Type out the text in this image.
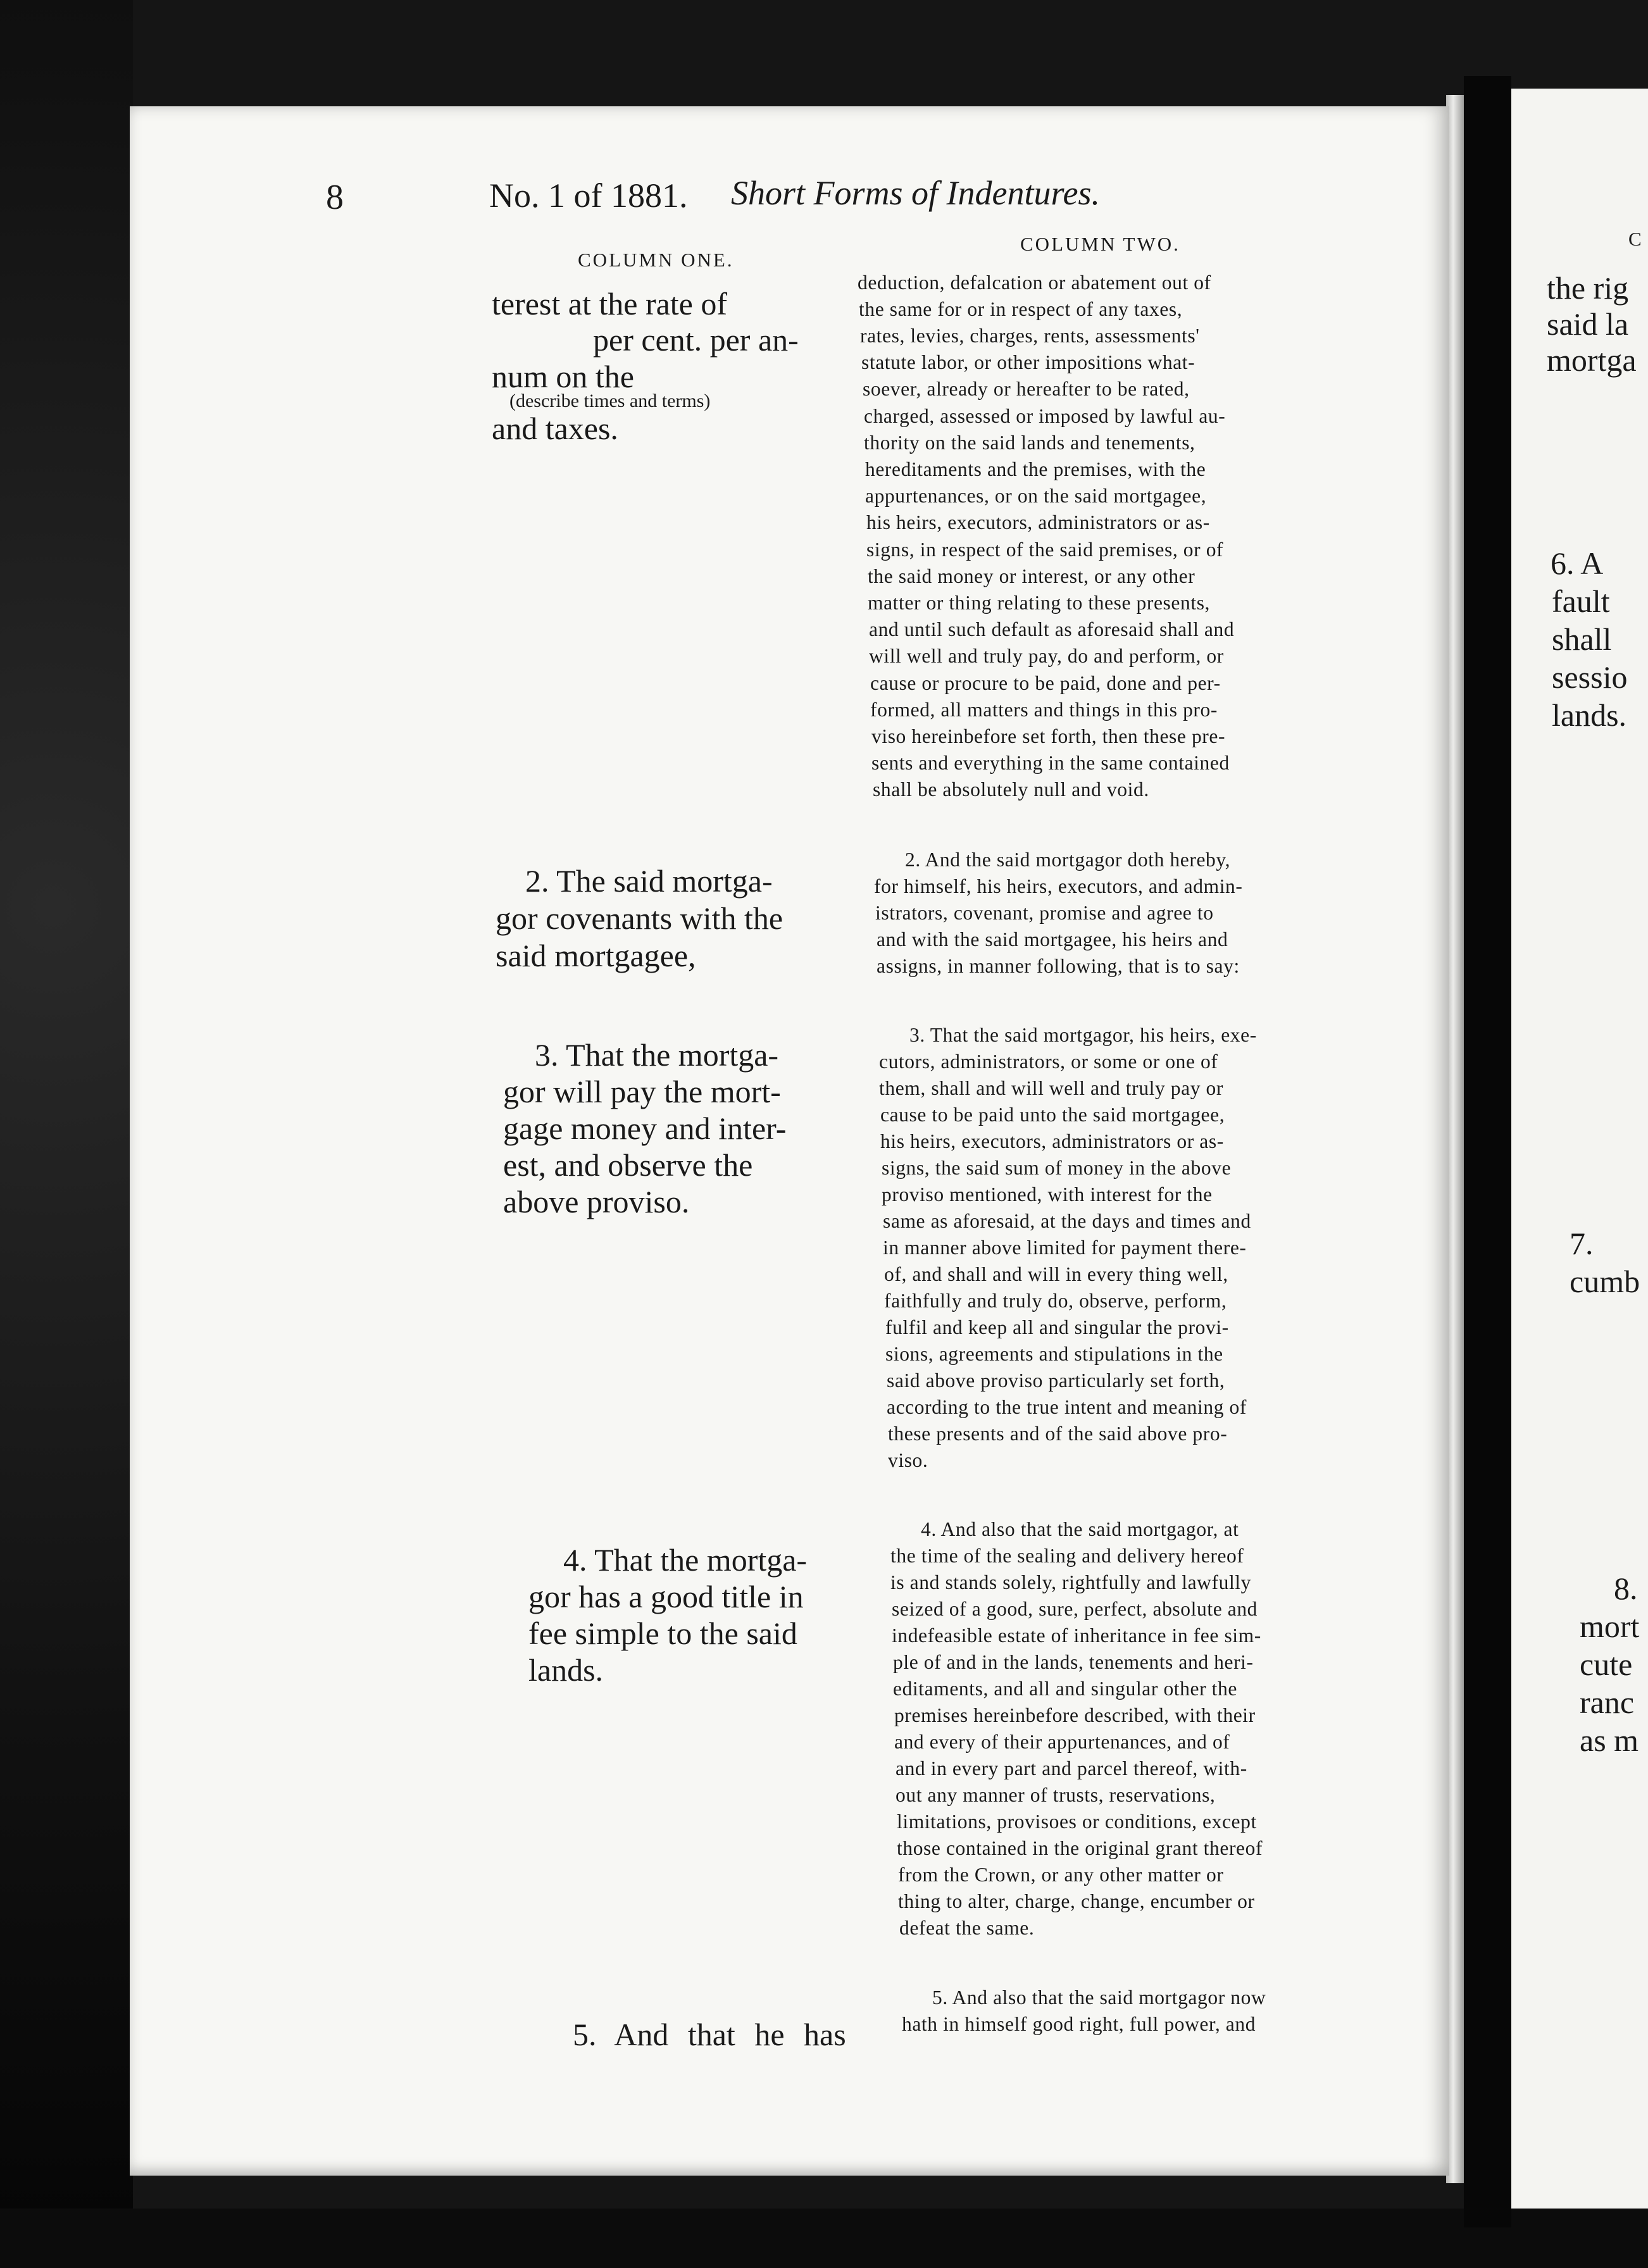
8	No. 1 of 1881. Short Forms of Indentures.

COLUMN TWO.

COLUMN ONE.

terest at the rate of

per cent. per an-

num on the

(describe times and terms)

and taxes.

2. The said mortga-

gor covenants with the

said mortgagee,

3. That the mortga-

gor will pay the mort-

gage money and inter-

est, and observe the

above proviso.

4. That the mortga-

gor has a good title in

fee simple to the said

lands.

5. And that he has

deduction, defalcation or abatement out of

the same for or in respect of any taxes,

rates, levies, charges, rents, assessments'

statute labor, or other impositions what-

soever, already or hereafter to be rated,

charged, assessed or imposed by lawful au-

thority on the said lands and tenements,

hereditaments and the premises, with the

appurtenances, or on the said mortgagee,

his heirs, executors, administrators or as-

signs, in respect of the said premises, or of

the said money or interest, or any other

matter or thing relating to these presents,

and until such default as aforesaid shall and

will well and truly pay, do and perform, or

cause or procure to be paid, done and per-

formed, all matters and things in this pro-

viso hereinbefore set forth, then these pre-

sents and everything in the same contained

shall be absolutely null and void.

2. And the said mortgagor doth hereby,

for himself, his heirs, executors, and admin-

istrators, covenant, promise and agree to

and with the said mortgagee, his heirs and

assigns, in manner following, that is to say:

3. That the said mortgagor, his heirs, exe-

cutors, administrators, or some or one of

them, shall and will well and truly pay or

cause to be paid unto the said mortgagee,

his heirs, executors, administrators or as-

signs, the said sum of money in the above

proviso mentioned, with interest for the

same as aforesaid, at the days and times and

in manner above limited for payment there-

of, and shall and will in every thing well,

faithfully and truly do, observe, perform,

fulfil and keep all and singular the provi-

sions, agreements and stipulations in the

said above proviso particularly set forth,

according to the true intent and meaning of

these presents and of the said above pro-

viso.

4. And also that the said mortgagor, at

the time of the sealing and delivery hereof

is and stands solely, rightfully and lawfully

seized of a good, sure, perfect, absolute and

indefeasible estate of inheritance in fee sim-

ple of and in the lands, tenements and heri-

editaments, and all and singular other the

premises hereinbefore described, with their

and every of their appurtenances, and of

and in every part and parcel thereof, with-

out any manner of trusts, reservations,

limitations, provisoes or conditions, except

those contained in the original grant thereof

from the Crown, or any other matter or

thing to alter, charge, change, encumber or

defeat the same.

5. And also that the said mortgagor now

hath in himself good right, full power, and

C

the rig

said la

mortga

6. A

fault

shall

sessio

lands.

7.

cumb

8.

mort

cute

ranc

as m
